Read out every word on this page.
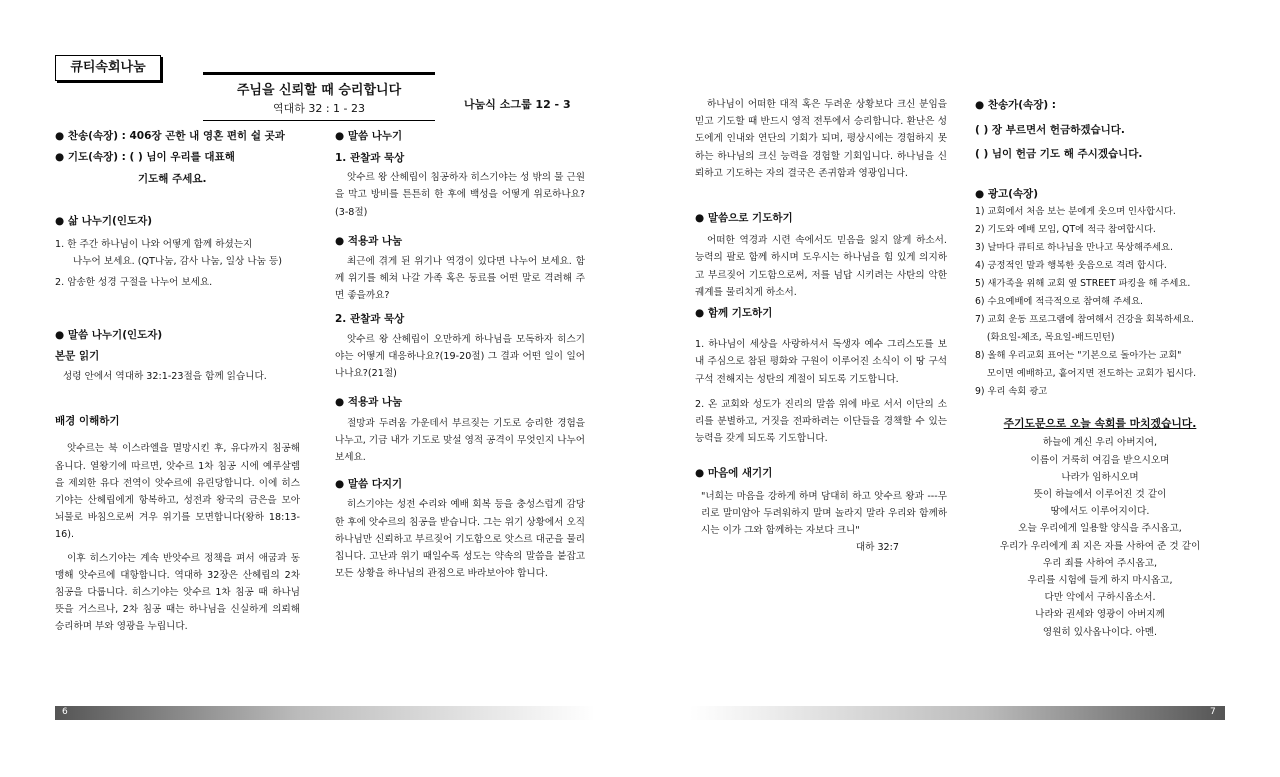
큐티속회나눔
주님을 신뢰할 때 승리합니다
역대하 32 : 1 - 23	나눔식 소그룹 12 - 3

● 찬송(속장) : 406장 곤한 내 영혼 편히 쉴 곳과

● 기도(속장) : ( ) 님이 우리를 대표해

기도해 주세요.

● 삶 나누기(인도자)

1. 한 주간 하나님이 나와 어떻게 함께 하셨는지

나누어 보세요. (QT나눔, 감사 나눔, 일상 나눔 등)

2. 암송한 성경 구절을 나누어 보세요.

● 말씀 나누기(인도자)

본문 읽기

성령 안에서 역대하 32:1-23절을 함께 읽습니다.

배경 이해하기

앗수르는 북 이스라엘을 멸망시킨 후, 유다까지 침공해 옵니다. 열왕기에 따르면, 앗수르 1차 침공 시에 예루살렘을 제외한 유다 전역이 앗수르에 유린당합니다. 이에 히스기야는 산헤립에게 항복하고, 성전과 왕국의 금은을 모아 뇌물로 바침으로써 겨우 위기를 모면합니다(왕하 18:13-16).

이후 히스기야는 계속 반앗수르 정책을 펴서 애굽과 동맹해 앗수르에 대항합니다. 역대하 32장은 산헤립의 2차 침공을 다룹니다. 히스기야는 앗수르 1차 침공 때 하나님 뜻을 거스르나, 2차 침공 때는 하나님을 신실하게 의뢰해 승리하며 부와 영광을 누립니다.

● 말씀 나누기

1. 관찰과 묵상

앗수르 왕 산헤립이 침공하자 히스기야는 성 밖의 물 근원을 막고 방비를 튼튼히 한 후에 백성을 어떻게 위로하나요?(3-8절)

● 적용과 나눔

최근에 겪게 된 위기나 역경이 있다면 나누어 보세요. 함께 위기를 헤쳐 나갈 가족 혹은 동료를 어떤 말로 격려해 주면 좋을까요?

2. 관찰과 묵상

앗수르 왕 산헤립이 오만하게 하나님을 모독하자 히스기야는 어떻게 대응하나요?(19-20절) 그 결과 어떤 일이 일어나나요?(21절)

● 적용과 나눔

절망과 두려움 가운데서 부르짖는 기도로 승리한 경험을 나누고, 기금 내가 기도로 맞설 영적 공격이 무엇인지 나누어 보세요.

● 말씀 다지기

히스기야는 성전 수리와 예배 회복 등을 충성스럽게 감당한 후에 앗수르의 침공을 받습니다. 그는 위기 상황에서 오직 하나님만 신뢰하고 부르짖어 기도함으로 앗스르 대군을 물리칩니다. 고난과 위기 때일수록 성도는 약속의 말씀을 붙잡고 모든 상황을 하나님의 관점으로 바라보아야 합니다.

하나님이 어떠한 대적 혹은 두려운 상황보다 크신 분임을 믿고 기도할 때 반드시 영적 전투에서 승리합니다. 환난은 성도에게 인내와 연단의 기회가 되며, 평상시에는 경험하지 못하는 하나님의 크신 능력을 경험할 기회입니다. 하나님을 신뢰하고 기도하는 자의 결국은 존귀함과 영광입니다.

● 말씀으로 기도하기

어떠한 역경과 시련 속에서도 믿음을 잃지 않게 하소서. 능력의 팔로 함께 하시며 도우시는 하나님을 힘 있게 의지하고 부르짖어 기도함으로써, 저를 넘답 시키려는 사탄의 악한 궤계를 물리치게 하소서.

● 함께 기도하기

1. 하나님이 세상을 사랑하셔서 독생자 예수 그리스도를 보내 주심으로 참된 평화와 구원이 이루어진 소식이 이 땅 구석구석 전해지는 성탄의 계절이 되도록 기도합니다.

2. 온 교회와 성도가 진리의 말씀 위에 바로 서서 이단의 소리를 분별하고, 거짓을 전파하려는 이단들을 경책할 수 있는 능력을 갖게 되도록 기도합니다.

● 마음에 새기기

"너희는 마음을 강하게 하며 담대히 하고 앗수르 왕과 ---무리로 말미암아 두려워하지 말며 놀라지 말라 우리와 함께하시는 이가 그와 함께하는 자보다 크니"

대하 32:7

● 찬송가(속장) :

( ) 장 부르면서 헌금하겠습니다.

( ) 님이 헌금 기도 해 주시겠습니다.

● 광고(속장)

1) 교회에서 처음 보는 분에게 웃으며 인사합시다.

2) 기도와 예배 모임, QT에 적극 참여합시다.

3) 날마다 큐티로 하나님을 만나고 묵상해주세요.

4) 긍정적인 말과 행복한 웃음으로 격려 합시다.

5) 새가족을 위해 교회 옆 STREET 파킹을 해 주세요.

6) 수요예배에 적극적으로 참여해 주세요.

7) 교회 운동 프로그램에 참여해서 건강을 회복하세요.

(화요일-체조, 목요일-배드민턴)

8) 올해 우리교회 표어는 "기본으로 돌아가는 교회"

모이면 예배하고, 흩어지면 전도하는 교회가 됩시다.

9) 우리 속회 광고

주기도문으로 오늘 속회를 마치겠습니다.

하늘에 계신 우리 아버지여,

이름이 거룩히 여김을 받으시오며

나라가 임하시오며

뜻이 하늘에서 이루어진 것 같이

땅에서도 이루어지이다.

오늘 우리에게 일용할 양식을 주시옵고,

우리가 우리에게 죄 지은 자를 사하여 준 것 같이

우리 죄를 사하여 주시옵고,

우리를 시험에 들게 하지 마시옵고,

다만 악에서 구하시옵소서.

나라와 권세와 영광이 아버지께

영원히 있사옵나이다. 아멘.

6	7
